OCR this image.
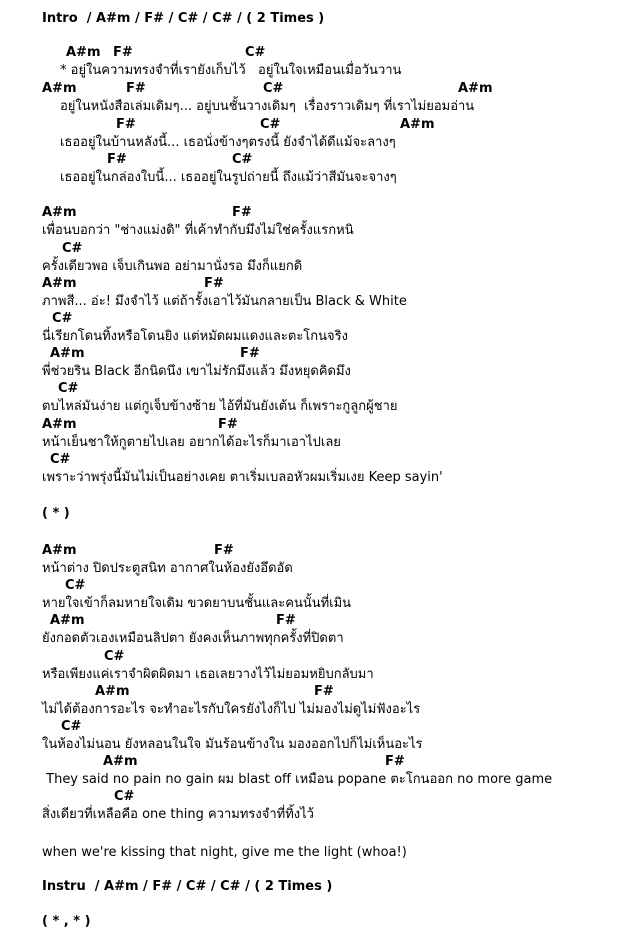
Intro  / A#m / F# / C# / C# / ( 2 Times )
A#m F#	C#
* อยู่ในความทรงจำที่เรายังเก็บไว้   อยู่ในใจเหมือนเมื่อวันวาน
A#m	F#	C#	A#m
อยู่ในหนังสือเล่มเดิมๆ... อยู่บนชั้นวางเดิมๆ  เรื่องราวเดิมๆ ที่เราไม่ยอมอ่าน
F#	C#	A#m
เธออยู่ในบ้านหลังนี้... เธอนั่งข้างๆตรงนี้ ยังจำได้ดีแม้จะลางๆ
F#	C#
เธออยู่ในกล่องใบนี้... เธออยู่ในรูปถ่ายนี้ ถึงแม้ว่าสีมันจะจางๆ
A#m	F#
เพื่อนบอกว่า "ช่างแม่งดิ" ที่เค้าทำกับมึงไม่ใช่ครั้งแรกหนิ
C#
ครั้งเดียวพอ เจ็บเกินพอ อย่ามานั่งรอ มึงก็แยกดิ
A#m	F#
ภาพสี... อ่ะ! มึงจำไว้ แต่ถ้ารั้งเอาไว้มันกลายเป็น Black & White
C#
นี่เรียกโดนทิ้งหรือโดนยิง แต่หมัดผมแดงและตะโกนจริง
A#m	F#
พี่ช่วยริน Black อีกนิดนึง เขาไม่รักมึงแล้ว มึงหยุดคิดมึง
C#
ตบไหล่มันง่าย แต่กูเจ็บข้างซ้าย ไอ้ที่มันยังเต้น ก็เพราะกูลูกผู้ชาย
A#m	F#
หน้าเย็นชาให้กูตายไปเลย อยากได้อะไรก็มาเอาไปเลย
C#
เพราะว่าพรุ่งนี้มันไม่เป็นอย่างเคย ตาเริ่มเบลอหัวผมเริ่มเงย Keep sayin'
( * )
A#m	F#
หน้าต่าง ปิดประตูสนิท อากาศในห้องยังอึดอัด
C#
หายใจเข้าก็ลมหายใจเดิม ขวดยาบนชั้นและคนนั้นที่เมิน
A#m	F#
ยังกอดตัวเองเหมือนลิปตา ยังคงเห็นภาพทุกครั้งที่ปิดตา
C#
หรือเพียงแค่เราจำผิดผิดมา เธอเลยวางไว้ไม่ยอมหยิบกลับมา
A#m	F#
ไม่ได้ต้องการอะไร จะทำอะไรกับใครยังไงก็ไป ไม่มองไม่ดูไม่ฟังอะไร
C#
ในห้องไม่นอน ยังหลอนในใจ มันร้อนข้างใน มองออกไปก็ไม่เห็นอะไร
A#m	F#
They said no pain no gain ผม blast off เหมือน popane ตะโกนออก no more game
C#
สิ่งเดียวที่เหลือคือ one thing ความทรงจำที่ทิ้งไว้
when we're kissing that night, give me the light (whoa!)
Instru  / A#m / F# / C# / C# / ( 2 Times )
( * , * )
